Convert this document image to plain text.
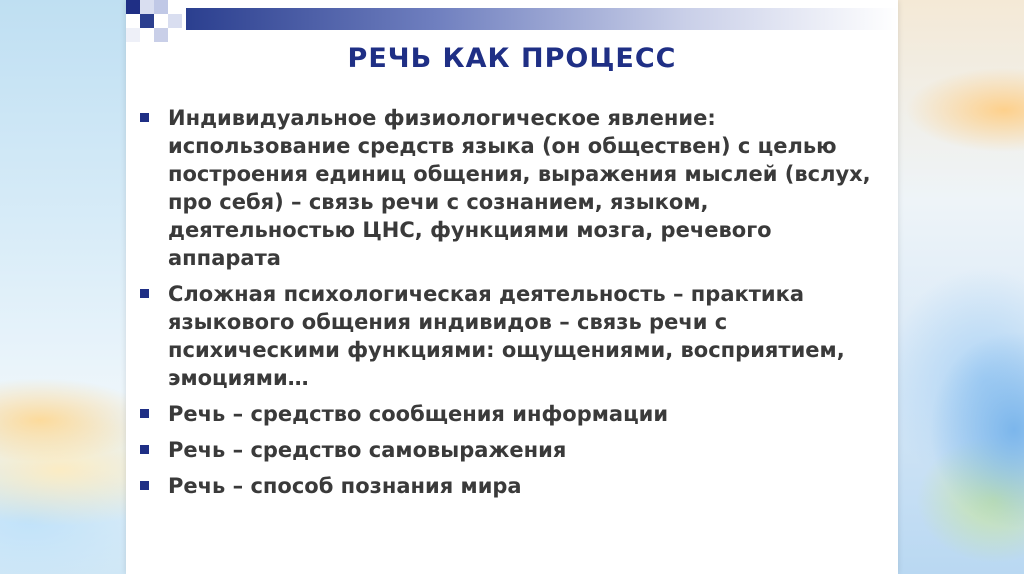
РЕЧЬ КАК ПРОЦЕСС
Индивидуальное физиологическое явление: использование средств языка (он обществен) с целью построения единиц общения, выражения мыслей (вслух, про себя) – связь речи с сознанием, языком, деятельностью ЦНС, функциями мозга, речевого аппарата
Сложная психологическая деятельность – практика языкового общения индивидов – связь речи с психическими функциями: ощущениями, восприятием, эмоциями…
Речь – средство сообщения информации
Речь – средство самовыражения
Речь – способ познания мира
